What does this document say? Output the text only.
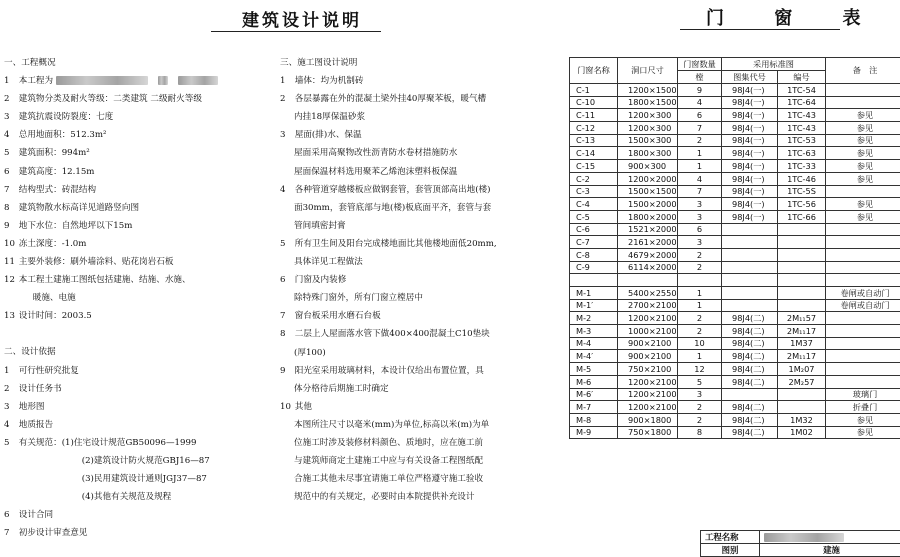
建筑设计说明	门 窗 表
一、工程概况
1 本工程为
2 建筑物分类及耐火等级：二类建筑 二级耐火等级
3 建筑抗震设防裂度：七度
4 总用地面积：512.3m²
5 建筑面积：994m²
6 建筑高度：12.15m
7 结构型式：砖混结构
8 建筑物散水标高详见道路竖向图
9 地下水位：自然地坪以下15m
10 冻土深度：-1.0m
11 主要外装修：刷外墙涂料、贴花岗岩石板
12 本工程土建施工图纸包括建施、结施、水施、
暖施、电施
13 设计时间：2003.5
二、设计依据
1 可行性研究批复
2 设计任务书
3 地形图
4 地质报告
5 有关规范：(1)住宅设计规范GB50096—1999
(2)建筑设计防火规范GBJ16—87
(3)民用建筑设计通则JGJ37—87
(4)其他有关规范及规程
6 设计合同
7 初步设计审查意见
三、施工图设计说明
1 墙体：均为机制砖
2 各层暴露在外的混凝土梁外挂40厚聚苯板，暖气槽
内挂18厚保温砂浆
3 屋面(排)水、保温
屋面采用高聚物改性沥青防水卷材措施防水
屋面保温材料选用聚苯乙烯泡沫塑料板保温
4 各种管道穿越楼板应做钢套管，套管顶部高出地(楼)
面30mm，套管底部与地(楼)板底面平齐，套管与套
管间填密封膏
5 所有卫生间及阳台完成楼地面比其他楼地面低20mm,
具体详见工程做法
6 门窗及内装修
除特殊门窗外，所有门窗立樘居中
7 窗台板采用水磨石台板
8 二层上人屋面落水管下做400×400混凝土C10垫块
(厚100)
9 阳光室采用玻璃材料，本设计仅给出布置位置，具
体分格待后期施工时确定
10 其他
本图所注尺寸以毫米(mm)为单位,标高以米(m)为单
位施工时涉及装修材料颜色、质地时，应在施工前
与建筑师商定土建施工中应与有关设备工程图纸配
合施工其他未尽事宜请施工单位严格遵守施工验收
规范中的有关规定，必要时由本院提供补充设计
门窗名称	洞口尺寸	门窗数量	采用标准图		备　注
		樘	图集代号	编号	
C-1	1200×1500	9	98J4(一)	1TC-54	
C-10	1800×1500	4	98J4(一)	1TC-64	
C-11	1200×300	6	98J4(一)	1TC-43	参见
C-12	1200×300	7	98J4(一)	1TC-43	参见
C-13	1500×300	2	98J4(一)	1TC-53	参见
C-14	1800×300	1	98J4(一)	1TC-63	参见
C-15	900×300	1	98J4(一)	1TC-33	参见
C-2	1200×2000	4	98J4(一)	1TC-46	参见
C-3	1500×1500	7	98J4(一)	1TC-5S	
C-4	1500×2000	3	98J4(一)	1TC-56	参见
C-5	1800×2000	3	98J4(一)	1TC-66	参见
C-6	1521×2000	6			
C-7	2161×2000	3			
C-8	4679×2000	2			
C-9	6114×2000	2			

M-1	5400×2550	1			卷闸或自动门
M-1′	2700×2100	1			卷闸或自动门
M-2	1200×2100	2	98J4(二)	2M₁₁57	
M-3	1000×2100	2	98J4(二)	2M₁₁17	
M-4	900×2100	10	98J4(二)	1M37	
M-4′	900×2100	1	98J4(二)	2M₁₁17	
M-5	750×2100	12	98J4(二)	1M₂07	
M-6	1200×2100	5	98J4(二)	2M₂57	
M-6′	1200×2100	3			玻璃门
M-7	1200×2100	2	98J4(二)		折叠门
M-8	900×1800	2	98J4(二)	1M32	参见
M-9	750×1800	8	98J4(二)	1M02	参见
工程名称	
图别	建施
